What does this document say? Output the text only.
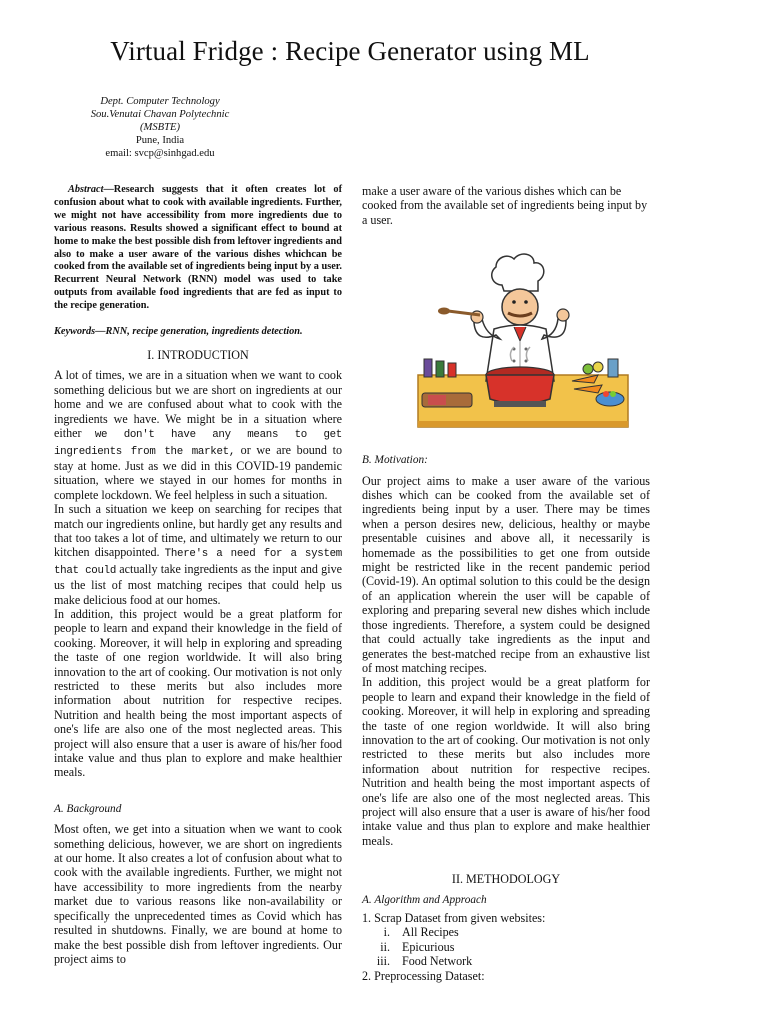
Virtual Fridge : Recipe Generator using ML
Dept. Computer Technology
Sou.Venutai Chavan Polytechnic
(MSBTE)
Pune, India
email: svcp@sinhgad.edu

Abstract—Research suggests that it often creates lot of confusion about what to cook with available ingredients. Further, we might not have accessibility from more ingredients due to various reasons. Results showed a significant effect to bound at home to make the best possible dish from leftover ingredients and also to make a user aware of the various dishes whichcan be cooked from the available set of ingredients being input by a user. Recurrent Neural Network (RNN) model was used to take outputs from available food ingredients that are fed as input to the recipe generation.

Keywords—RNN, recipe generation, ingredients detection.

I. INTRODUCTION

A lot of times, we are in a situation when we want to cook something delicious but we are short on ingredients at our home and we are confused about what to cook with the ingredients we have. We might be in a situation where either we don't have any means to get ingredients from the market, or we are bound to stay at home. Just as we did in this COVID-19 pandemic situation, where we stayed in our homes for months in complete lockdown. We feel helpless in such a situation.

In such a situation we keep on searching for recipes that match our ingredients online, but hardly get any results and that too takes a lot of time, and ultimately we return to our kitchen disappointed. There's a need for a system that could actually take ingredients as the input and give us the list of most matching recipes that could help us make delicious food at our homes.

In addition, this project would be a great platform for people to learn and expand their knowledge in the field of cooking. Moreover, it will help in exploring and spreading the taste of one region worldwide. It will also bring innovation to the art of cooking. Our motivation is not only restricted to these merits but also includes more information about nutrition for respective recipes. Nutrition and health being the most important aspects of one's life are also one of the most neglected areas. This project will also ensure that a user is aware of his/her food intake value and thus plan to explore and make healthier meals.

A. Background

Most often, we get into a situation when we want to cook something delicious, however, we are short on ingredients at our home. It also creates a lot of confusion about what to cook with the available ingredients. Further, we might not have accessibility to more ingredients from the nearby market due to various reasons like non-availability or specifically the unprecedented times as Covid which has resulted in shutdowns. Finally, we are bound at home to make the best possible dish from leftover ingredients. Our project aims to

make a user aware of the various dishes which can be cooked from the available set of ingredients being input by a user.

B. Motivation:

Our project aims to make a user aware of the various dishes which can be cooked from the available set of ingredients being input by a user. There may be times when a person desires new, delicious, healthy or maybe presentable cuisines and above all, it necessarily is homemade as the possibilities to get one from outside might be restricted like in the recent pandemic period (Covid-19). An optimal solution to this could be the design of an application wherein the user will be capable of exploring and preparing several new dishes which include those ingredients. Therefore, a system could be designed that could actually take ingredients as the input and generates the best-matched recipe from an exhaustive list of most matching recipes.

In addition, this project would be a great platform for people to learn and expand their knowledge in the field of cooking. Moreover, it will help in exploring and spreading the taste of one region worldwide. It will also bring innovation to the art of cooking. Our motivation is not only restricted to these merits but also includes more information about nutrition for respective recipes. Nutrition and health being the most important aspects of one's life are also one of the most neglected areas. This project will also ensure that a user is aware of his/her food intake value and thus plan to explore and make healthier meals.

II. METHODOLOGY
A. Algorithm and Approach
1. Scrap Dataset from given websites:
i. All Recipes
ii. Epicurious
iii. Food Network
2. Preprocessing Dataset:
